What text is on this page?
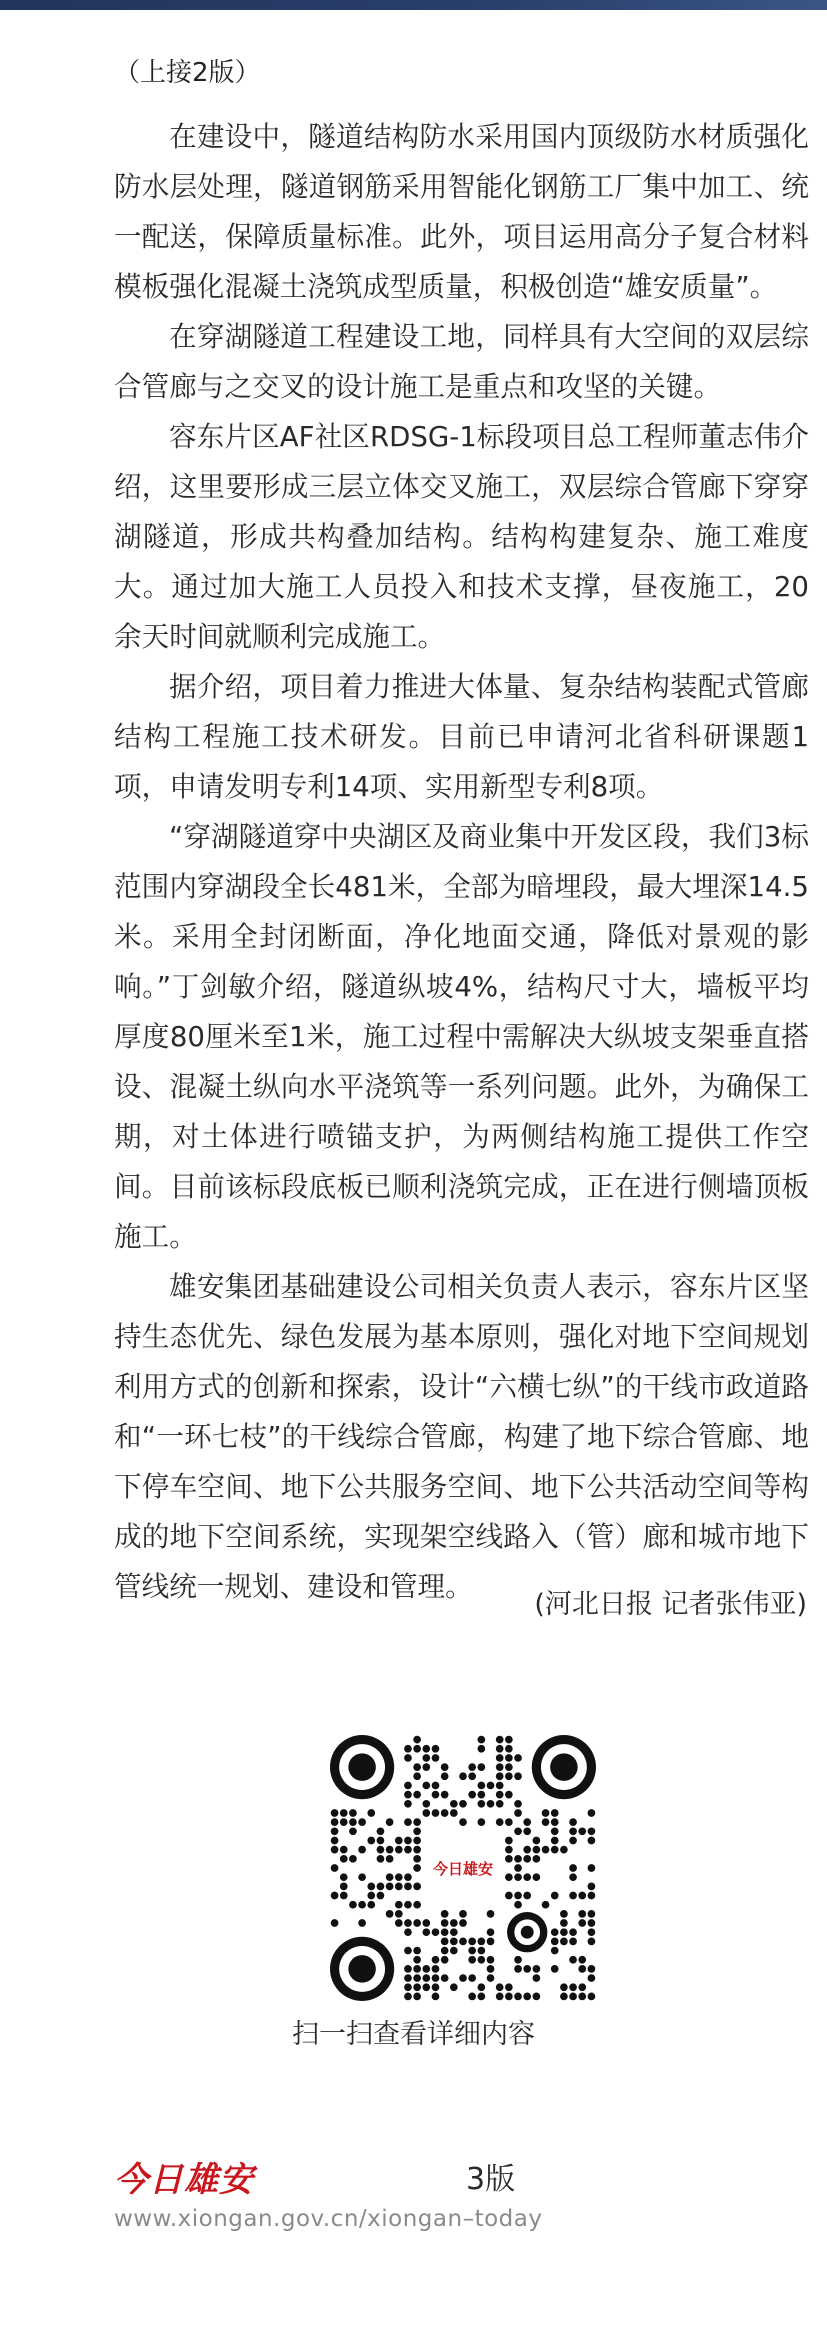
（上接2版）

在建设中，隧道结构防水采用国内顶级防水材质强化防水层处理，隧道钢筋采用智能化钢筋工厂集中加工、统一配送，保障质量标准。此外，项目运用高分子复合材料模板强化混凝土浇筑成型质量，积极创造“雄安质量”。

在穿湖隧道工程建设工地，同样具有大空间的双层综合管廊与之交叉的设计施工是重点和攻坚的关键。

容东片区AF社区RDSG-1标段项目总工程师董志伟介绍，这里要形成三层立体交叉施工，双层综合管廊下穿穿湖隧道，形成共构叠加结构。结构构建复杂、施工难度大。通过加大施工人员投入和技术支撑，昼夜施工，20余天时间就顺利完成施工。

据介绍，项目着力推进大体量、复杂结构装配式管廊结构工程施工技术研发。目前已申请河北省科研课题1项，申请发明专利14项、实用新型专利8项。

“穿湖隧道穿中央湖区及商业集中开发区段，我们3标范围内穿湖段全长481米，全部为暗埋段，最大埋深14.5米。采用全封闭断面，净化地面交通，降低对景观的影响。”丁剑敏介绍，隧道纵坡4%，结构尺寸大，墙板平均厚度80厘米至1米，施工过程中需解决大纵坡支架垂直搭设、混凝土纵向水平浇筑等一系列问题。此外，为确保工期，对土体进行喷锚支护，为两侧结构施工提供工作空间。目前该标段底板已顺利浇筑完成，正在进行侧墙顶板施工。

雄安集团基础建设公司相关负责人表示，容东片区坚持生态优先、绿色发展为基本原则，强化对地下空间规划利用方式的创新和探索，设计“六横七纵”的干线市政道路和“一环七枝”的干线综合管廊，构建了地下综合管廊、地下停车空间、地下公共服务空间、地下公共活动空间等构成的地下空间系统，实现架空线路入（管）廊和城市地下管线统一规划、建设和管理。

(河北日报 记者张伟亚)
今日雄安
扫一扫查看详细内容
今日雄安	3版
www.xiongan.gov.cn/xiongan–today
